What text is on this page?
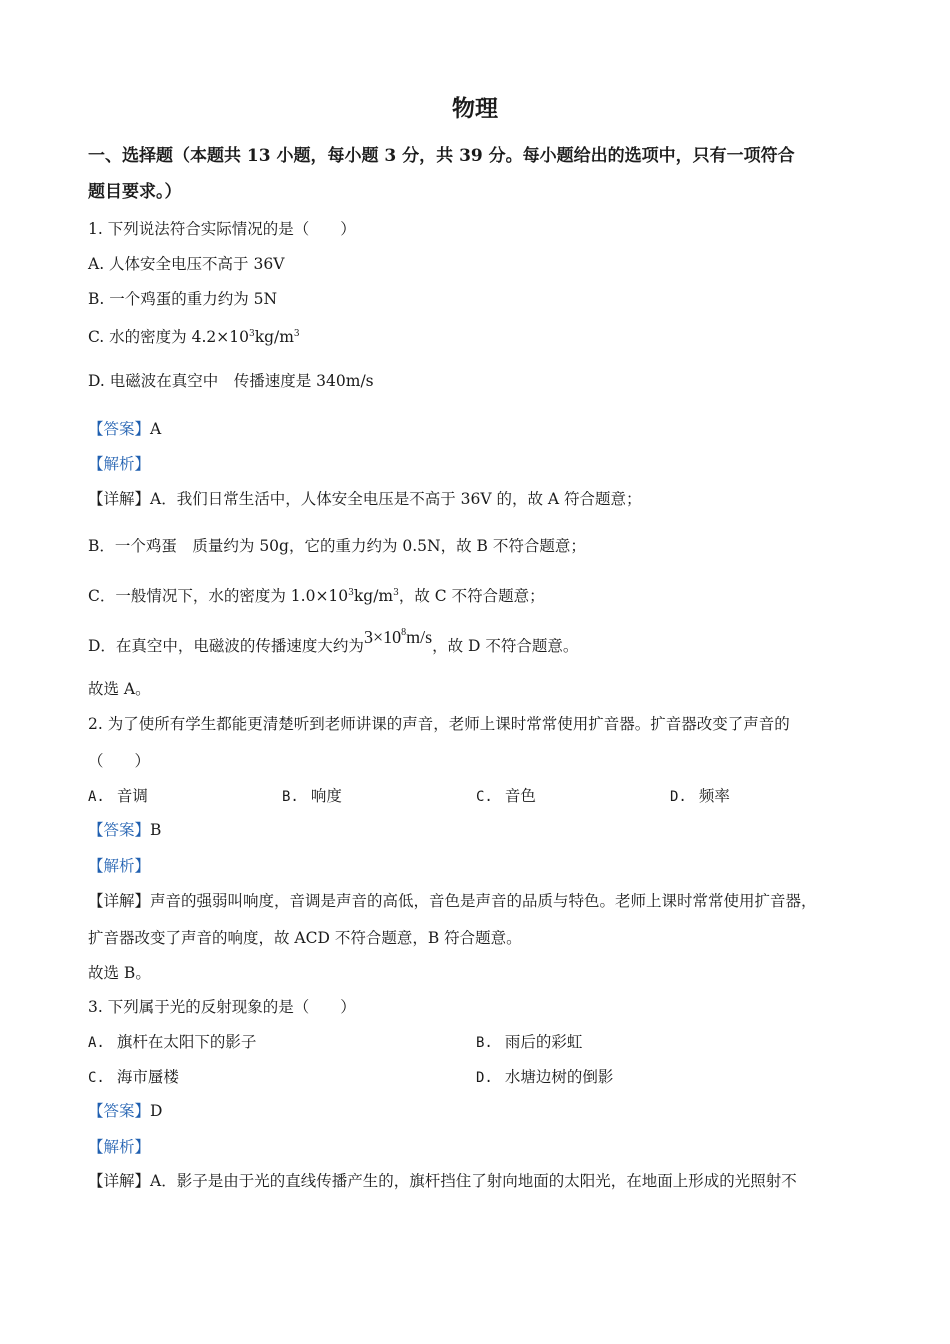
物理
一、选择题（本题共 13 小题，每小题 3 分，共 39 分。每小题给出的选项中，只有一项符合
题目要求。）
1. 下列说法符合实际情况的是（　　）
A. 人体安全电压不高于 36V
B. 一个鸡蛋的重力约为 5N
C. 水的密度为 $4.2\times 10^3kg/m^3$
D. 电磁波在真空中　传播速度是 340m/s
【答案】A
【解析】
【详解】A．我们日常生活中，人体安全电压是不高于 36V 的，故 A 符合题意；
B．一个鸡蛋　质量约为 50g，它的重力约为 0.5N，故 B 不符合题意；
C．一般情况下，水的密度为 $1.0\times 10^3kg/m^3$，故 C 不符合题意；
D．在真空中，电磁波的传播速度大约为$3\times 10^8m/s$，故 D 不符合题意。
故选 A。
2. 为了使所有学生都能更清楚听到老师讲课的声音，老师上课时常常使用扩音器。扩音器改变了声音的
（　　）
A. 音调	B. 响度	C. 音色	D. 频率
【答案】B
【解析】
【详解】声音的强弱叫响度，音调是声音的高低，音色是声音的品质与特色。老师上课时常常使用扩音器，
扩音器改变了声音的响度，故 ACD 不符合题意，B 符合题意。
故选 B。
3. 下列属于光的反射现象的是（　　）
A. 旗杆在太阳下的影子	B. 雨后的彩虹
C. 海市蜃楼	D. 水塘边树的倒影
【答案】D
【解析】
【详解】A．影子是由于光的直线传播产生的，旗杆挡住了射向地面的太阳光，在地面上形成的光照射不
